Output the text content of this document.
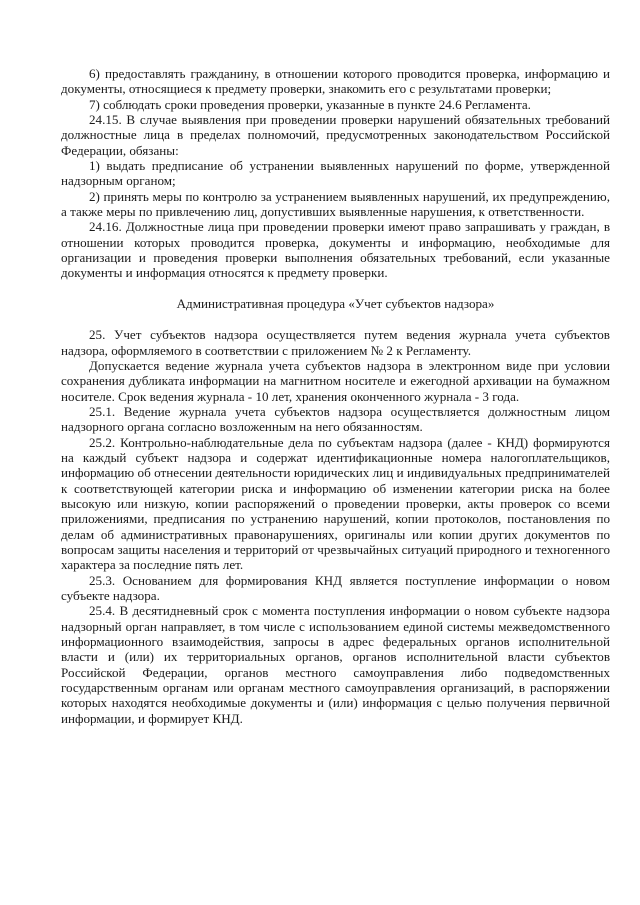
6) предоставлять гражданину, в отношении которого проводится проверка, информацию и документы, относящиеся к предмету проверки, знакомить его с результатами проверки;

7) соблюдать сроки проведения проверки, указанные в пункте 24.6 Регламента.

24.15. В случае выявления при проведении проверки нарушений обязательных требований должностные лица в пределах полномочий, предусмотренных законодательством Российской Федерации, обязаны:

1) выдать предписание об устранении выявленных нарушений по форме, утвержденной надзорным органом;

2) принять меры по контролю за устранением выявленных нарушений, их предупреждению, а также меры по привлечению лиц, допустивших выявленные нарушения, к ответственности.

24.16. Должностные лица при проведении проверки имеют право запрашивать у граждан, в отношении которых проводится проверка, документы и информацию, необходимые для организации и проведения проверки выполнения обязательных требований, если указанные документы и информация относятся к предмету проверки.

Административная процедура «Учет субъектов надзора»

25. Учет субъектов надзора осуществляется путем ведения журнала учета субъектов надзора, оформляемого в соответствии с приложением № 2 к Регламенту.

Допускается ведение журнала учета субъектов надзора в электронном виде при условии сохранения дубликата информации на магнитном носителе и ежегодной архивации на бумажном носителе. Срок ведения журнала - 10 лет, хранения оконченного журнала - 3 года.

25.1. Ведение журнала учета субъектов надзора осуществляется должностным лицом надзорного органа согласно возложенным на него обязанностям.

25.2. Контрольно-наблюдательные дела по субъектам надзора (далее - КНД) формируются на каждый субъект надзора и содержат идентификационные номера налогоплательщиков, информацию об отнесении деятельности юридических лиц и индивидуальных предпринимателей к соответствующей категории риска и информацию об изменении категории риска на более высокую или низкую, копии распоряжений о проведении проверки, акты проверок со всеми приложениями, предписания по устранению нарушений, копии протоколов, постановления по делам об административных правонарушениях, оригиналы или копии других документов по вопросам защиты населения и территорий от чрезвычайных ситуаций природного и техногенного характера за последние пять лет.

25.3. Основанием для формирования КНД является поступление информации о новом субъекте надзора.

25.4. В десятидневный срок с момента поступления информации о новом субъекте надзора надзорный орган направляет, в том числе с использованием единой системы межведомственного информационного взаимодействия, запросы в адрес федеральных органов исполнительной власти и (или) их территориальных органов, органов исполнительной власти субъектов Российской Федерации, органов местного самоуправления либо подведомственных государственным органам или органам местного самоуправления организаций, в распоряжении которых находятся необходимые документы и (или) информация с целью получения первичной информации, и формирует КНД.
